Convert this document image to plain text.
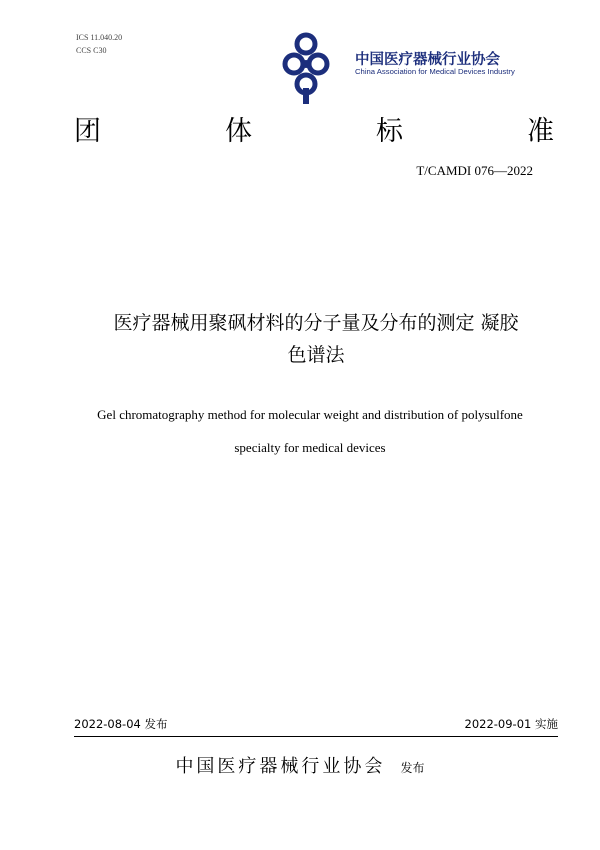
ICS 11.040.20
CCS C30
中国医疗器械行业协会
China Association for Medical Devices Industry
团	体	标	准
T/CAMDI 076—2022
医疗器械用聚砜材料的分子量及分布的测定 凝胶
色谱法
Gel chromatography method for molecular weight and distribution of polysulfone
specialty for medical devices
2022-08-04 发布	2022-09-01 实施
中国医疗器械行业协会 发布
